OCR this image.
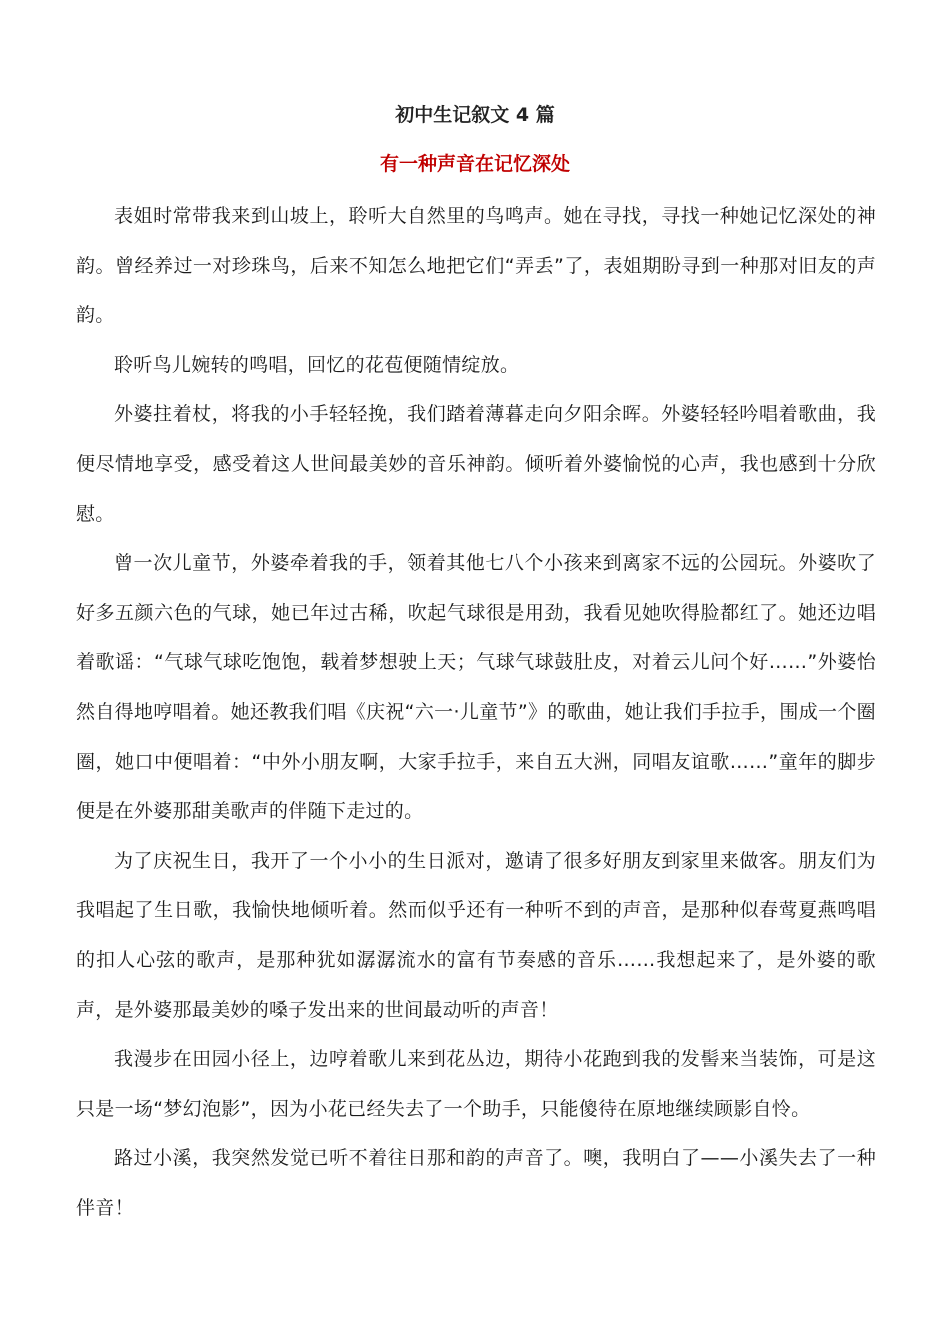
初中生记叙文 4 篇
有一种声音在记忆深处

表姐时常带我来到山坡上，聆听大自然里的鸟鸣声。她在寻找，寻找一种她记忆深处的神韵。曾经养过一对珍珠鸟，后来不知怎么地把它们“弄丢”了，表姐期盼寻到一种那对旧友的声韵。

聆听鸟儿婉转的鸣唱，回忆的花苞便随情绽放。

外婆拄着杖，将我的小手轻轻挽，我们踏着薄暮走向夕阳余晖。外婆轻轻吟唱着歌曲，我便尽情地享受，感受着这人世间最美妙的音乐神韵。倾听着外婆愉悦的心声，我也感到十分欣慰。

曾一次儿童节，外婆牵着我的手，领着其他七八个小孩来到离家不远的公园玩。外婆吹了好多五颜六色的气球，她已年过古稀，吹起气球很是用劲，我看见她吹得脸都红了。她还边唱着歌谣：“气球气球吃饱饱，载着梦想驶上天；气球气球鼓肚皮，对着云儿问个好……”外婆怡然自得地哼唱着。她还教我们唱《庆祝“六一·儿童节”》的歌曲，她让我们手拉手，围成一个圈圈，她口中便唱着：“中外小朋友啊，大家手拉手，来自五大洲，同唱友谊歌……”童年的脚步便是在外婆那甜美歌声的伴随下走过的。

为了庆祝生日，我开了一个小小的生日派对，邀请了很多好朋友到家里来做客。朋友们为我唱起了生日歌，我愉快地倾听着。然而似乎还有一种听不到的声音，是那种似春莺夏燕鸣唱的扣人心弦的歌声，是那种犹如潺潺流水的富有节奏感的音乐……我想起来了，是外婆的歌声，是外婆那最美妙的嗓子发出来的世间最动听的声音！

我漫步在田园小径上，边哼着歌儿来到花丛边，期待小花跑到我的发髻来当装饰，可是这只是一场“梦幻泡影”，因为小花已经失去了一个助手，只能傻待在原地继续顾影自怜。

路过小溪，我突然发觉已听不着往日那和韵的声音了。噢，我明白了——小溪失去了一种伴音！
